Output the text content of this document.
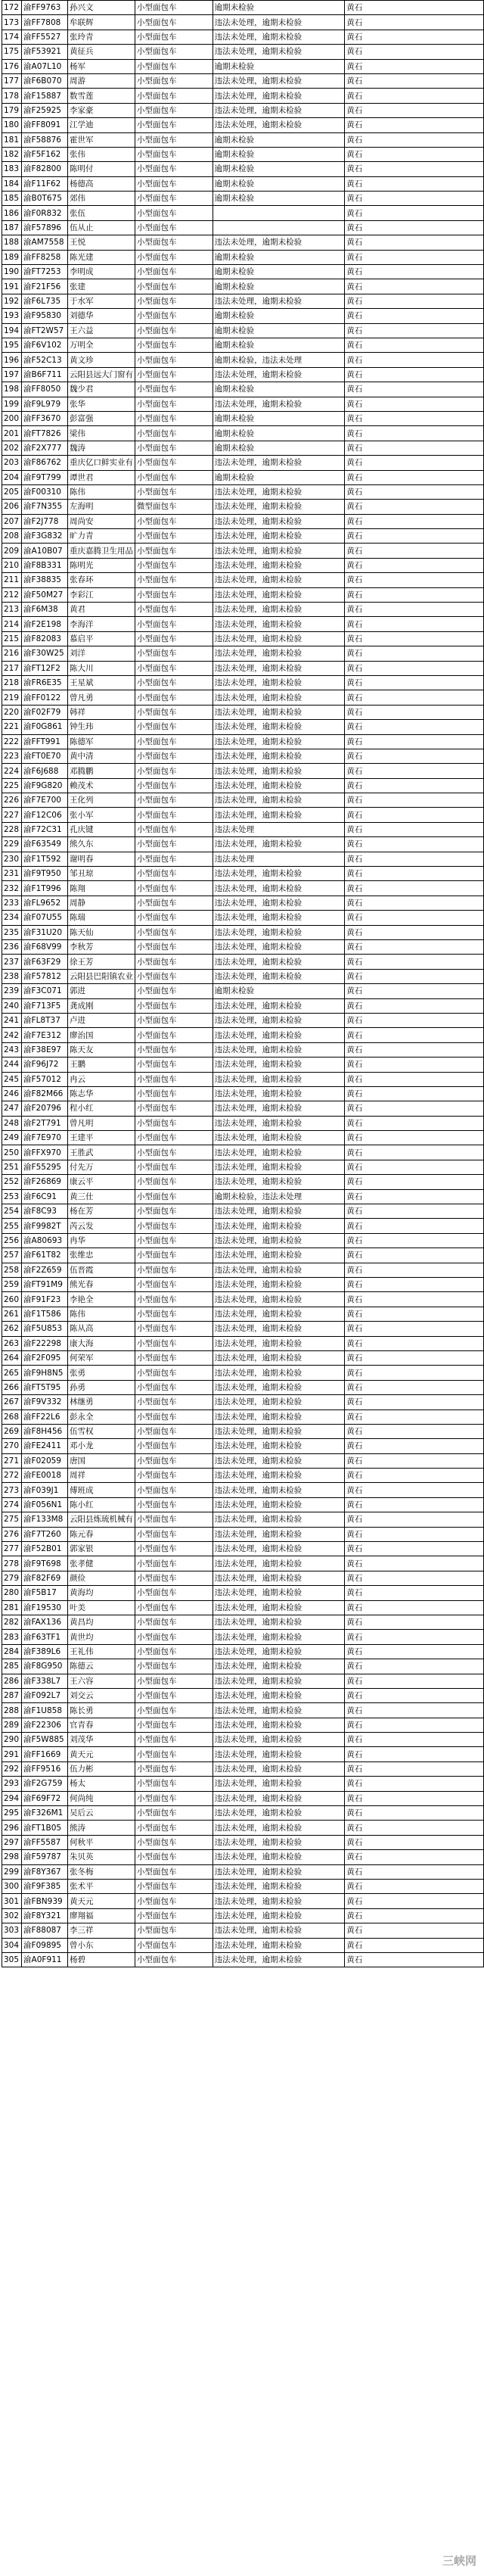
172	渝FF9763	孙兴文	小型面包车	逾期未检验	黄石
173	渝FF7808	牟联辉	小型面包车	违法未处理，逾期未检验	黄石
174	渝FF5527	张玲青	小型面包车	违法未处理，逾期未检验	黄石
175	渝F53921	黄征兵	小型面包车	违法未处理，逾期未检验	黄石
176	渝A07L10	杨军	小型面包车	逾期未检验	黄石
177	渝F6B070	周游	小型面包车	违法未处理，逾期未检验	黄石
178	渝F15887	数雪莲	小型面包车	违法未处理，逾期未检验	黄石
179	渝F25925	李家豪	小型面包车	违法未处理，逾期未检验	黄石
180	渝FF8091	江学迪	小型面包车	违法未处理，逾期未检验	黄石
181	渝F58876	霍世军	小型面包车	逾期未检验	黄石
182	渝F5F162	张伟	小型面包车	逾期未检验	黄石
183	渝F82800	陈明付	小型面包车	逾期未检验	黄石
184	渝F11F62	杨德高	小型面包车	逾期未检验	黄石
185	渝B0T675	郊伟	小型面包车	逾期未检验	黄石
186	渝F0R832	张伍	小型面包车		黄石
187	渝F57896	伍从止	小型面包车		黄石
188	渝AM7558	王悦	小型面包车	违法未处理，逾期未检验	黄石
189	渝FF8258	陈光建	小型面包车	逾期未检验	黄石
190	渝FT7253	李明成	小型面包车	逾期未检验	黄石
191	渝F21F56	张建	小型面包车	逾期未检验	黄石
192	渝F6L735	于水军	小型面包车	违法未处理，逾期未检验	黄石
193	渝F95830	刘德华	小型面包车	逾期未检验	黄石
194	渝FT2W57	王六益	小型面包车	逾期未检验	黄石
195	渝F6V102	万明全	小型面包车	逾期未检验	黄石
196	渝F52C13	黄文珍	小型面包车	逾期未检验，违法未处理	黄石
197	渝B6F711	云阳县远大门窗有	小型面包车	违法未处理，逾期未检验	黄石
198	渝FF8050	魏少君	小型面包车	逾期未检验	黄石
199	渝F9L979	张华	小型面包车	违法未处理，逾期未检验	黄石
200	渝FF3670	彭富强	小型面包车	逾期未检验	黄石
201	渝FT7826	梁伟	小型面包车	逾期未检验	黄石
202	渝F2X777	魏涛	小型面包车	逾期未检验	黄石
203	渝F86762	重庆亿口鲜实业有	小型面包车	违法未处理，逾期未检验	黄石
204	渝F9T799	谭世君	小型面包车	逾期未检验	黄石
205	渝F00310	陈伟	小型面包车	违法未处理，逾期未检验	黄石
206	渝F7N355	左海明	微型面包车	违法未处理，逾期未检验	黄石
207	渝F2J778	周尚安	小型面包车	违法未处理，逾期未检验	黄石
208	渝F3G832	旷力青	小型面包车	违法未处理，逾期未检验	黄石
209	渝A10B07	重庆嘉腾卫生用品	小型面包车	违法未处理，逾期未检验	黄石
210	渝F8B331	陈明光	小型面包车	违法未处理，逾期未检验	黄石
211	渝F38835	张春环	小型面包车	违法未处理，逾期未检验	黄石
212	渝F50M27	李彩江	小型面包车	违法未处理，逾期未检验	黄石
213	渝F6M38	黄君	小型面包车	违法未处理，逾期未检验	黄石
214	渝F2E198	李海洋	小型面包车	违法未处理，逾期未检验	黄石
215	渝F82083	慕启平	小型面包车	违法未处理，逾期未检验	黄石
216	渝F30W25	刘洋	小型面包车	违法未处理，逾期未检验	黄石
217	渝FT12F2	陈大川	小型面包车	违法未处理，逾期未检验	黄石
218	渝FR6E35	王星斌	小型面包车	违法未处理，逾期未检验	黄石
219	渝FF0122	曾凡勇	小型面包车	违法未处理，逾期未检验	黄石
220	渝F02F79	韩祥	小型面包车	违法未处理，逾期未检验	黄石
221	渝F0G861	钟生玮	小型面包车	违法未处理，逾期未检验	黄石
222	渝FFT991	陈德军	小型面包车	违法未处理，逾期未检验	黄石
223	渝FT0E70	黄中清	小型面包车	违法未处理，逾期未检验	黄石
224	渝F6J688	邓腾鹏	小型面包车	违法未处理，逾期未检验	黄石
225	渝F9G820	赖茂术	小型面包车	违法未处理，逾期未检验	黄石
226	渝F7E700	王化列	小型面包车	违法未处理，逾期未检验	黄石
227	渝F12C06	张小军	小型面包车	违法未处理，逾期未检验	黄石
228	渝F72C31	孔庆键	小型面包车	违法未处理	黄石
229	渝F63549	熊久东	小型面包车	违法未处理，逾期未检验	黄石
230	渝F1T592	谢明春	小型面包车	违法未处理	黄石
231	渝F9T950	邹丑琼	小型面包车	违法未处理，逾期未检验	黄石
232	渝F1T996	陈翔	小型面包车	违法未处理，逾期未检验	黄石
233	渝FL9652	周静	小型面包车	违法未处理，逾期未检验	黄石
234	渝F07U55	陈瑞	小型面包车	违法未处理，逾期未检验	黄石
235	渝F31U20	陈天仙	小型面包车	违法未处理，逾期未检验	黄石
236	渝F68V99	李秋芳	小型面包车	违法未处理，逾期未检验	黄石
237	渝F63F29	徐王芳	小型面包车	违法未处理，逾期未检验	黄石
238	渝F57812	云阳县巴阳镇农业	小型面包车	违法未处理，逾期未检验	黄石
239	渝F3C071	郭进	小型面包车	逾期未检验	黄石
240	渝F713F5	龚成刚	小型面包车	违法未处理，逾期未检验	黄石
241	渝FL8T37	卢进	小型面包车	违法未处理，逾期未检验	黄石
242	渝F7E312	廖治国	小型面包车	违法未处理，逾期未检验	黄石
243	渝F38E97	陈天友	小型面包车	违法未处理，逾期未检验	黄石
244	渝F96J72	王鹏	小型面包车	违法未处理，逾期未检验	黄石
245	渝F57012	冉云	小型面包车	违法未处理，逾期未检验	黄石
246	渝F82M66	陈志华	小型面包车	违法未处理，逾期未检验	黄石
247	渝F20796	程小红	小型面包车	违法未处理，逾期未检验	黄石
248	渝F2T791	曾凡明	小型面包车	违法未处理，逾期未检验	黄石
249	渝F7E970	王建平	小型面包车	违法未处理，逾期未检验	黄石
250	渝FFX970	王胜武	小型面包车	违法未处理，逾期未检验	黄石
251	渝F55295	付先万	小型面包车	违法未处理，逾期未检验	黄石
252	渝F26869	康云平	小型面包车	违法未处理，逾期未检验	黄石
253	渝F6C91	黄三仕	小型面包车	逾期未检验，违法未处理	黄石
254	渝F8C93	杨在芳	小型面包车	违法未处理，逾期未检验	黄石
255	渝F9982T	芮云发	小型面包车	违法未处理，逾期未检验	黄石
256	渝A80693	冉华	小型面包车	违法未处理，逾期未检验	黄石
257	渝F61T82	张维忠	小型面包车	违法未处理，逾期未检验	黄石
258	渝F2Z659	伍晋霞	小型面包车	违法未处理，逾期未检验	黄石
259	渝FT91M9	熊光春	小型面包车	违法未处理，逾期未检验	黄石
260	渝F91F23	李艳全	小型面包车	违法未处理，逾期未检验	黄石
261	渝F1T586	陈伟	小型面包车	违法未处理，逾期未检验	黄石
262	渝F5U853	陈从高	小型面包车	违法未处理，逾期未检验	黄石
263	渝F22298	康大海	小型面包车	违法未处理，逾期未检验	黄石
264	渝F2F095	何荣军	小型面包车	违法未处理，逾期未检验	黄石
265	渝F9H8N5	张勇	小型面包车	违法未处理，逾期未检验	黄石
266	渝FT5T95	孙勇	小型面包车	违法未处理，逾期未检验	黄石
267	渝F9V332	林继勇	小型面包车	违法未处理，逾期未检验	黄石
268	渝FF22L6	彭永全	小型面包车	违法未处理，逾期未检验	黄石
269	渝F8H456	伍雪权	小型面包车	违法未处理，逾期未检验	黄石
270	渝FE2411	邓小龙	小型面包车	违法未处理，逾期未检验	黄石
271	渝F02059	唐国	小型面包车	违法未处理，逾期未检验	黄石
272	渝FE0018	周祥	小型面包车	违法未处理，逾期未检验	黄石
273	渝F039J1	傅班成	小型面包车	违法未处理，逾期未检验	黄石
274	渝F056N1	陈小红	小型面包车	违法未处理，逾期未检验	黄石
275	渝F133M8	云阳县炼琉机械有	小型面包车	违法未处理，逾期未检验	黄石
276	渝F7T260	陈元春	小型面包车	违法未处理，逾期未检验	黄石
277	渝F52B01	郭家银	小型面包车	违法未处理，逾期未检验	黄石
278	渝F9T698	张孝健	小型面包车	违法未处理，逾期未检验	黄石
279	渝F82F69	颜俭	小型面包车	违法未处理，逾期未检验	黄石
280	渝F5B17	黄海均	小型面包车	违法未处理，逾期未检验	黄石
281	渝F19530	叶美	小型面包车	违法未处理，逾期未检验	黄石
282	渝FAX136	黄昌均	小型面包车	违法未处理，逾期未检验	黄石
283	渝F63TF1	黄世均	小型面包车	违法未处理，逾期未检验	黄石
284	渝F389L6	王礼伟	小型面包车	违法未处理，逾期未检验	黄石
285	渝F8G950	陈德云	小型面包车	违法未处理，逾期未检验	黄石
286	渝F338L7	王六容	小型面包车	违法未处理，逾期未检验	黄石
287	渝F092L7	刘交云	小型面包车	违法未处理，逾期未检验	黄石
288	渝F1U858	陈长勇	小型面包车	违法未处理，逾期未检验	黄石
289	渝F22306	官青春	小型面包车	违法未处理，逾期未检验	黄石
290	渝F5W885	刘茂华	小型面包车	违法未处理，逾期未检验	黄石
291	渝FF1669	黄天元	小型面包车	违法未处理，逾期未检验	黄石
292	渝FF9516	伍力彬	小型面包车	违法未处理，逾期未检验	黄石
293	渝F2G759	杨太	小型面包车	违法未处理，逾期未检验	黄石
294	渝F69F72	何尚纯	小型面包车	违法未处理，逾期未检验	黄石
295	渝F326M1	吴后云	小型面包车	违法未处理，逾期未检验	黄石
296	渝FT1B05	熊涛	小型面包车	违法未处理，逾期未检验	黄石
297	渝FF5587	何秋平	小型面包车	违法未处理，逾期未检验	黄石
298	渝F59787	朱贝英	小型面包车	违法未处理，逾期未检验	黄石
299	渝F8Y367	张冬梅	小型面包车	违法未处理，逾期未检验	黄石
300	渝F9F385	张术平	小型面包车	违法未处理，逾期未检验	黄石
301	渝FBN939	黄天元	小型面包车	违法未处理，逾期未检验	黄石
302	渝F8Y321	廖翔福	小型面包车	违法未处理，逾期未检验	黄石
303	渝F88087	李三祥	小型面包车	违法未处理，逾期未检验	黄石
304	渝F09895	曾小东	小型面包车	违法未处理，逾期未检验	黄石
305	渝A0F911	杨碧	小型面包车	违法未处理，逾期未检验	黄石
三峡网
